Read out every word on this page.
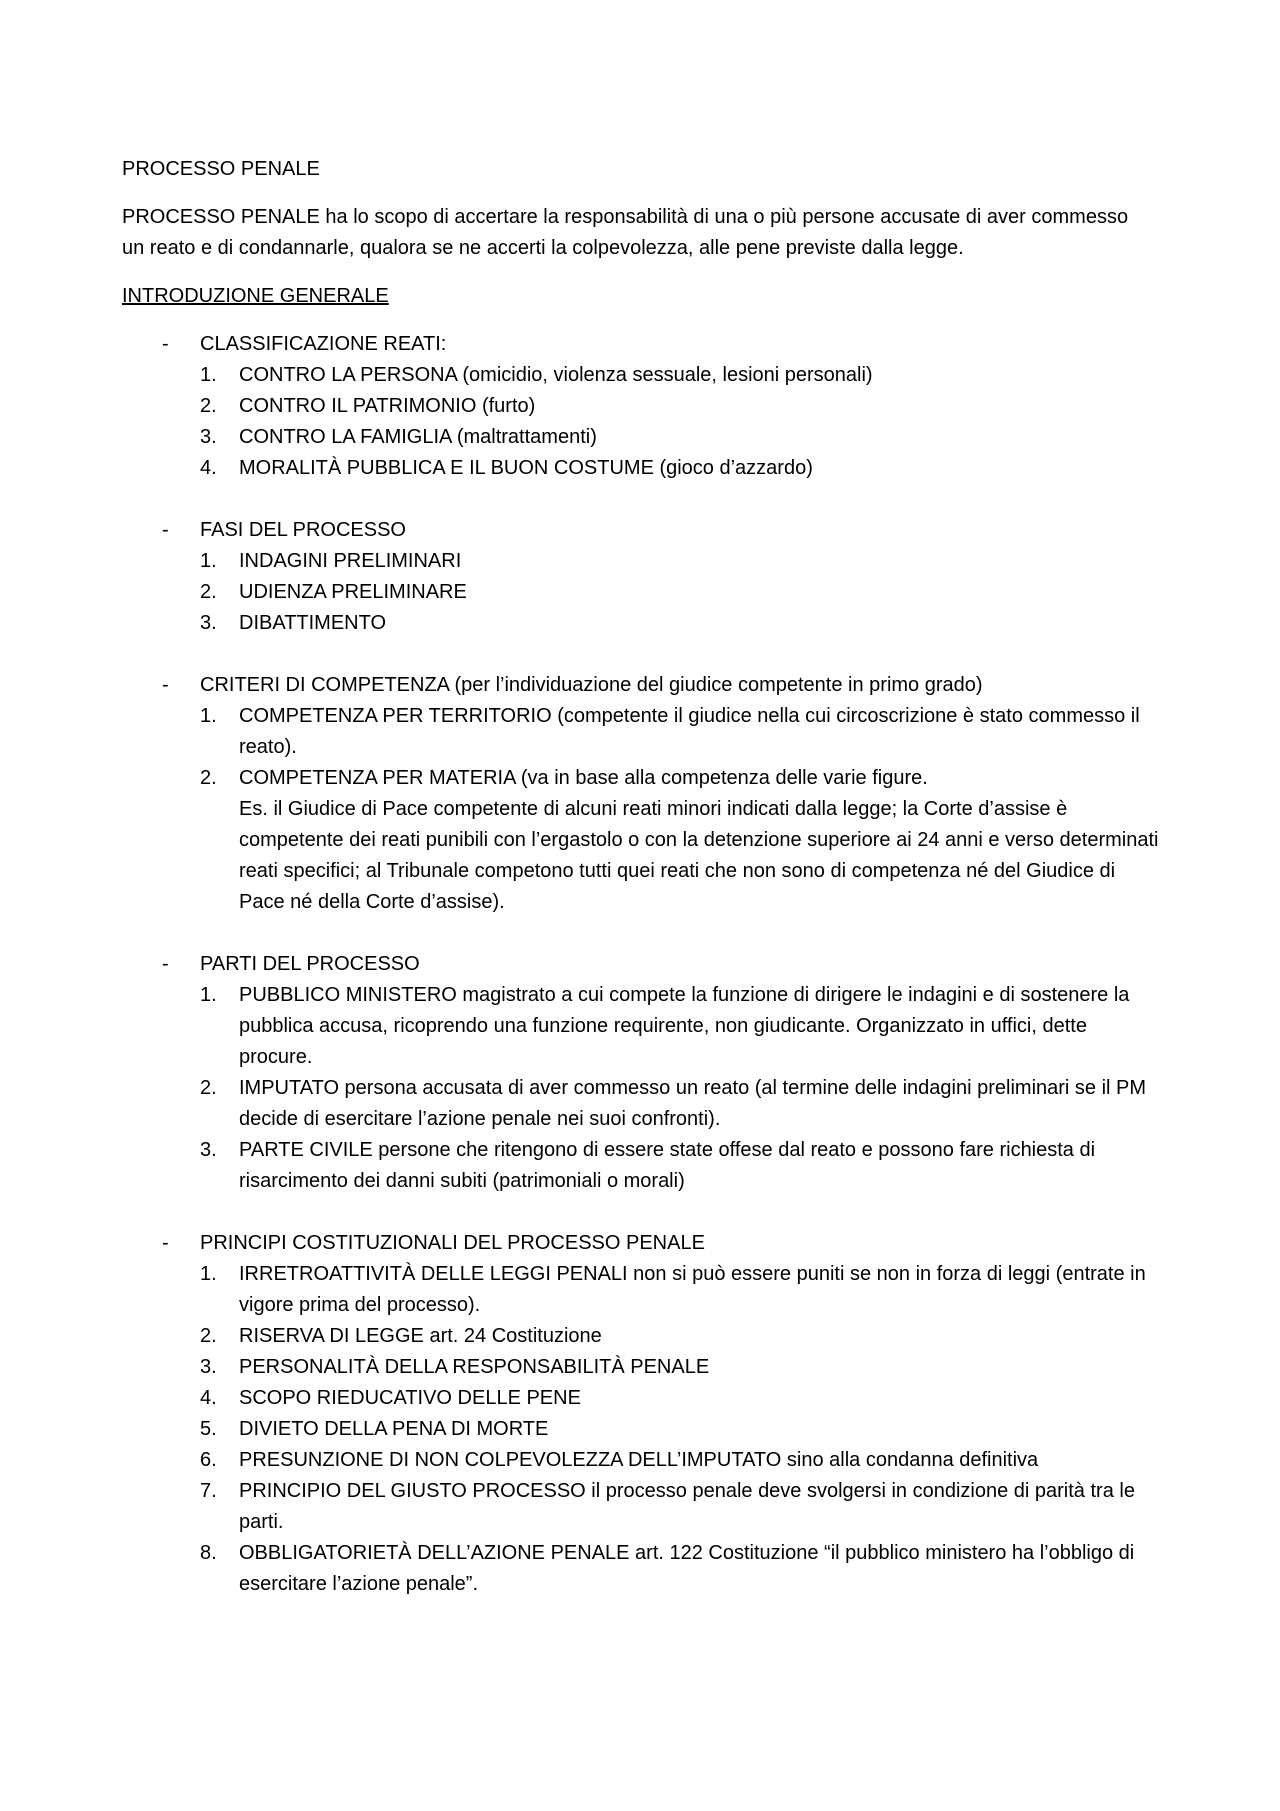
PROCESSO PENALE

PROCESSO PENALE ha lo scopo di accertare la responsabilità di una o più persone accusate di aver commesso un reato e di condannarle, qualora se ne accerti la colpevolezza, alle pene previste dalla legge.

INTRODUZIONE GENERALE

- CLASSIFICAZIONE REATI:
1. CONTRO LA PERSONA (omicidio, violenza sessuale, lesioni personali)
2. CONTRO IL PATRIMONIO (furto)
3. CONTRO LA FAMIGLIA (maltrattamenti)
4. MORALITÀ PUBBLICA E IL BUON COSTUME (gioco d’azzardo)
- FASI DEL PROCESSO
1. INDAGINI PRELIMINARI
2. UDIENZA PRELIMINARE
3. DIBATTIMENTO
- CRITERI DI COMPETENZA (per l’individuazione del giudice competente in primo grado)
1. COMPETENZA PER TERRITORIO (competente il giudice nella cui circoscrizione è stato commesso il reato).
2. COMPETENZA PER MATERIA (va in base alla competenza delle varie figure.
Es. il Giudice di Pace competente di alcuni reati minori indicati dalla legge; la Corte d’assise è competente dei reati punibili con l’ergastolo o con la detenzione superiore ai 24 anni e verso determinati reati specifici; al Tribunale competono tutti quei reati che non sono di competenza né del Giudice di Pace né della Corte d’assise).
- PARTI DEL PROCESSO
1. PUBBLICO MINISTERO magistrato a cui compete la funzione di dirigere le indagini e di sostenere la pubblica accusa, ricoprendo una funzione requirente, non giudicante. Organizzato in uffici, dette procure.
2. IMPUTATO persona accusata di aver commesso un reato (al termine delle indagini preliminari se il PM decide di esercitare l’azione penale nei suoi confronti).
3. PARTE CIVILE persone che ritengono di essere state offese dal reato e possono fare richiesta di risarcimento dei danni subiti (patrimoniali o morali)
- PRINCIPI COSTITUZIONALI DEL PROCESSO PENALE
1. IRRETROATTIVITÀ DELLE LEGGI PENALI non si può essere puniti se non in forza di leggi (entrate in vigore prima del processo).
2. RISERVA DI LEGGE art. 24 Costituzione
3. PERSONALITÀ DELLA RESPONSABILITÀ PENALE
4. SCOPO RIEDUCATIVO DELLE PENE
5. DIVIETO DELLA PENA DI MORTE
6. PRESUNZIONE DI NON COLPEVOLEZZA DELL’IMPUTATO sino alla condanna definitiva
7. PRINCIPIO DEL GIUSTO PROCESSO il processo penale deve svolgersi in condizione di parità tra le parti.
8. OBBLIGATORIETÀ DELL’AZIONE PENALE art. 122 Costituzione “il pubblico ministero ha l’obbligo di esercitare l’azione penale”.
